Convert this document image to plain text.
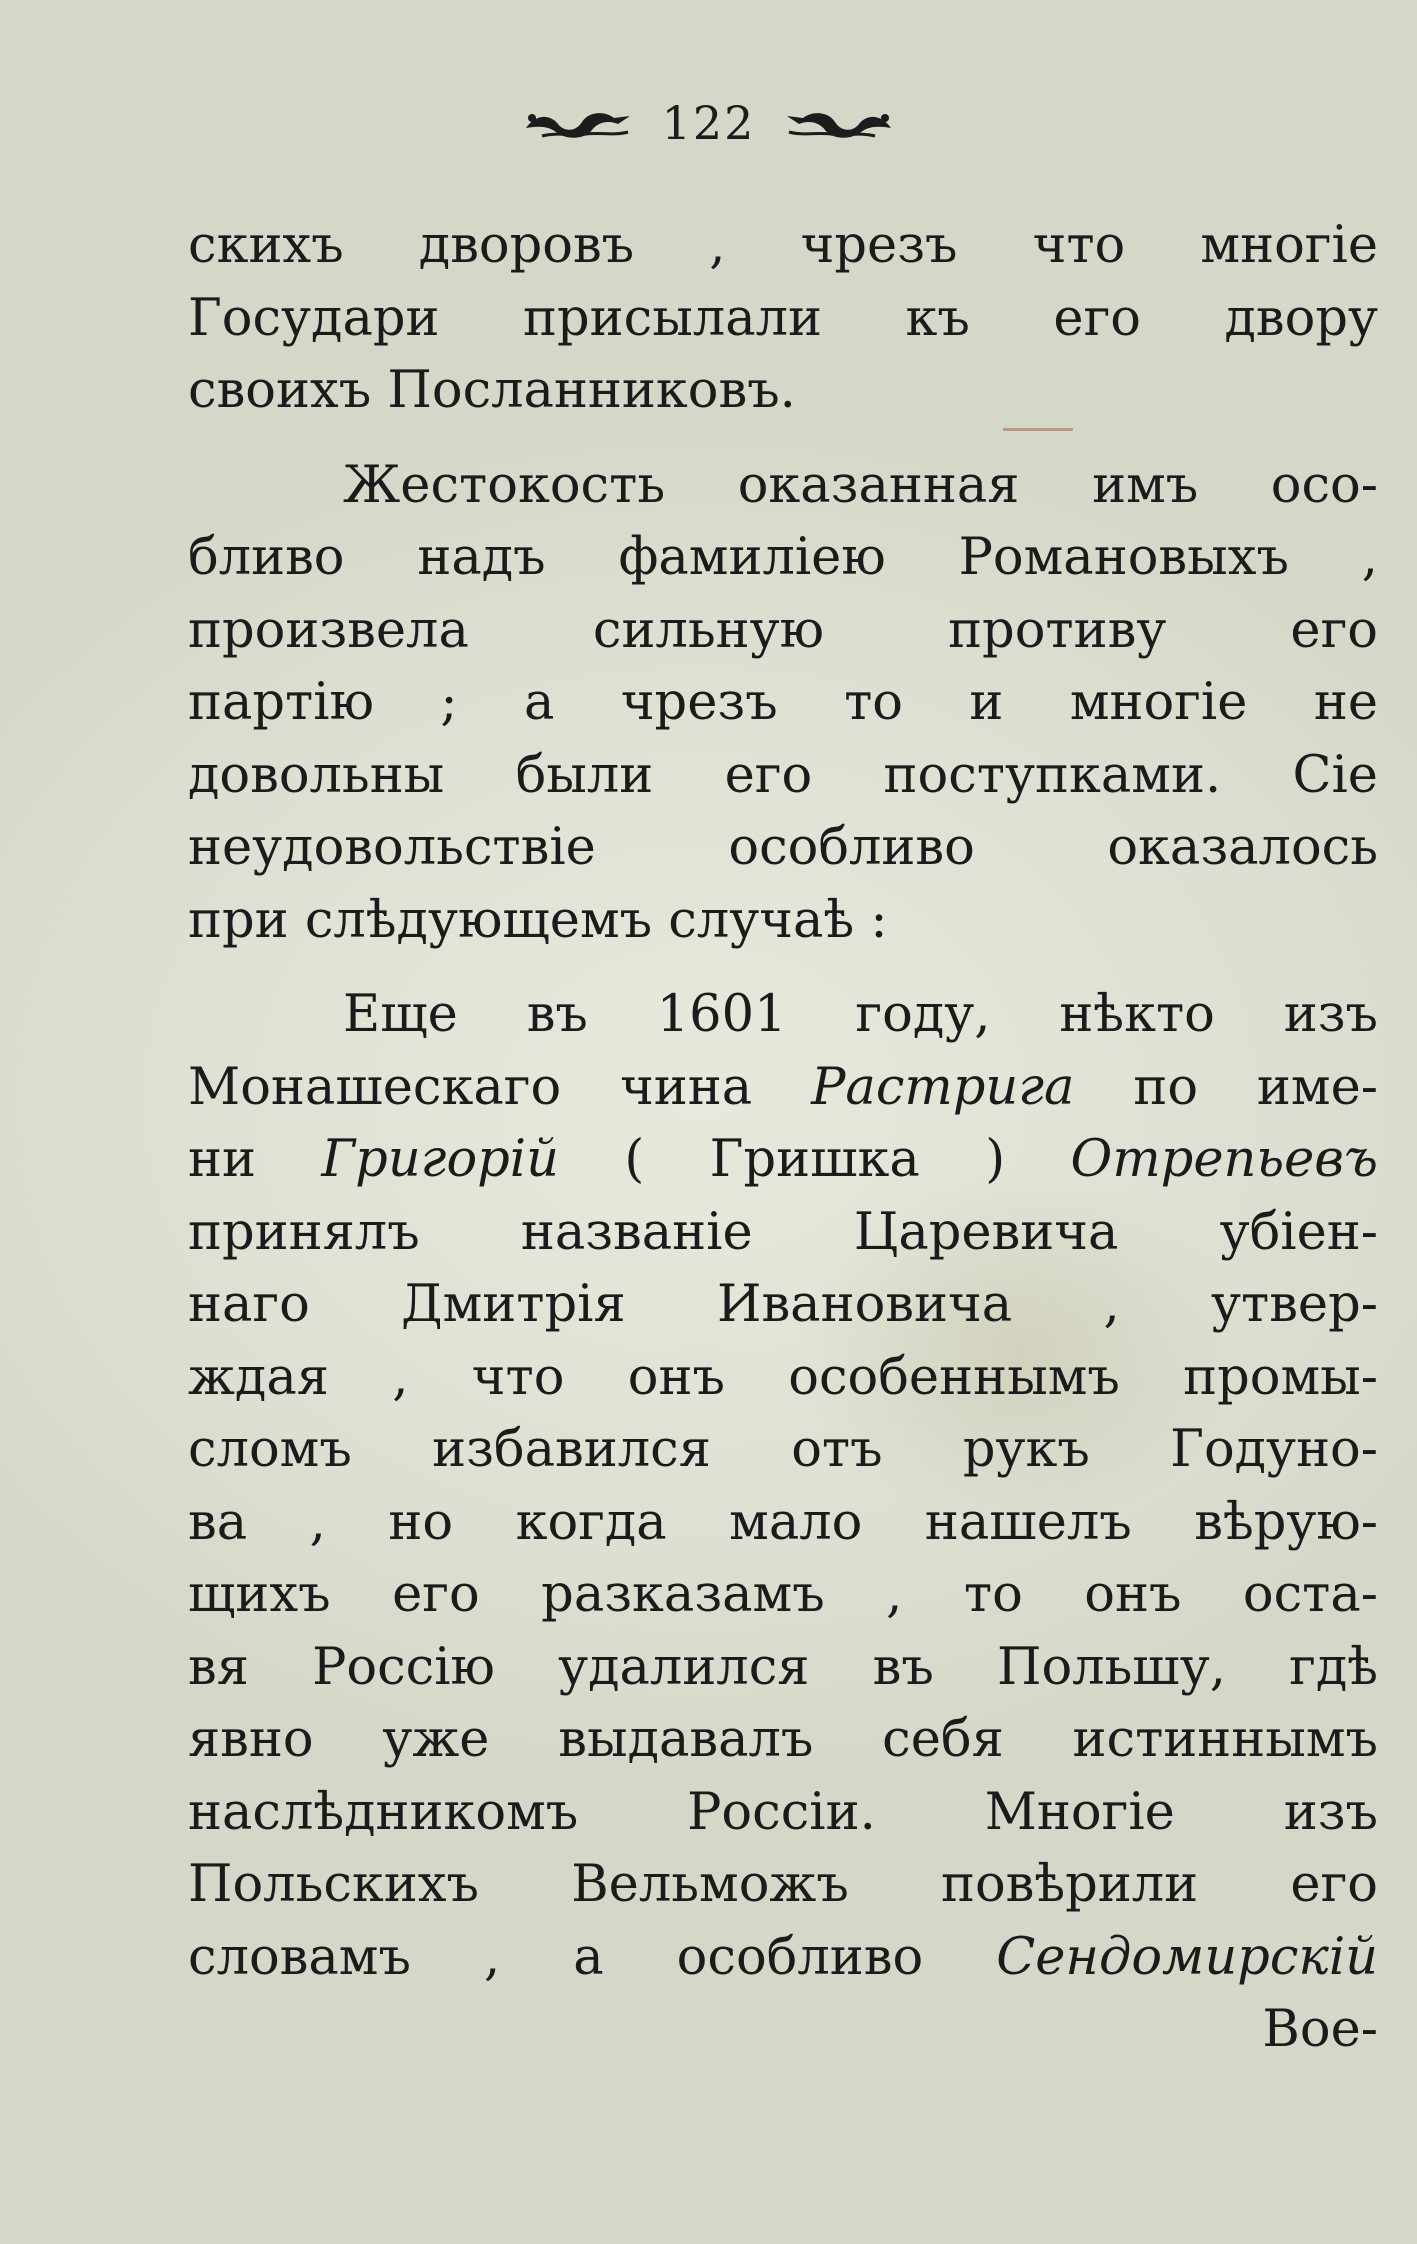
122
скихъ дворовъ , чрезъ что многiе
Государи присылали къ его двору
своихъ Посланниковъ.
Жестокость оказанная имъ осо-
бливо надъ фамилiею Романовыхъ ,
произвела сильную противу его
партiю ; а чрезъ то и многiе не
довольны были его поступками. Сiе
неудовольствiе особливо оказалось
при слѣдующемъ случаѣ :
Еще въ 1601 году, нѣкто изъ
Монашескаго чина Растрига по име-
ни Григорiй ( Гришка ) Отрепьевъ
принялъ названiе Царевича убiен-
наго Дмитрiя Ивановича , утвер-
ждая , что онъ особеннымъ промы-
сломъ избавился отъ рукъ Годуно-
ва , но когда мало нашелъ вѣрую-
щихъ его разказамъ , то онъ оста-
вя Россiю удалился въ Польшу, гдѣ
явно уже выдавалъ себя истиннымъ
наслѣдникомъ Россiи. Многiе изъ
Польскихъ Вельможъ повѣрили его
словамъ , а особливо Сендомирскiй
Вое-
